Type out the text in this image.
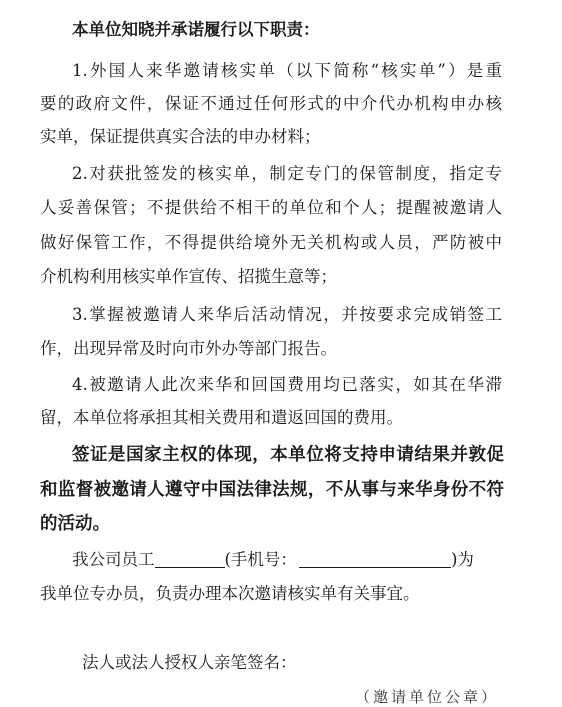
本单位知晓并承诺履行以下职责：
1.外国人来华邀请核实单（以下简称“核实单”）是重
要的政府文件，保证不通过任何形式的中介代办机构申办核
实单，保证提供真实合法的申办材料；
2.对获批签发的核实单，制定专门的保管制度，指定专
人妥善保管；不提供给不相干的单位和个人；提醒被邀请人
做好保管工作，不得提供给境外无关机构或人员，严防被中
介机构利用核实单作宣传、招揽生意等；
3.掌握被邀请人来华后活动情况，并按要求完成销签工
作，出现异常及时向市外办等部门报告。
4.被邀请人此次来华和回国费用均已落实，如其在华滞
留，本单位将承担其相关费用和遣返回国的费用。
签证是国家主权的体现，本单位将支持申请结果并敦促
和监督被邀请人遵守中国法律法规，不从事与来华身份不符
的活动。
我公司员工	(手机号：	)为
我单位专办员，负责办理本次邀请核实单有关事宜。
法人或法人授权人亲笔签名：
（邀请单位公章）
